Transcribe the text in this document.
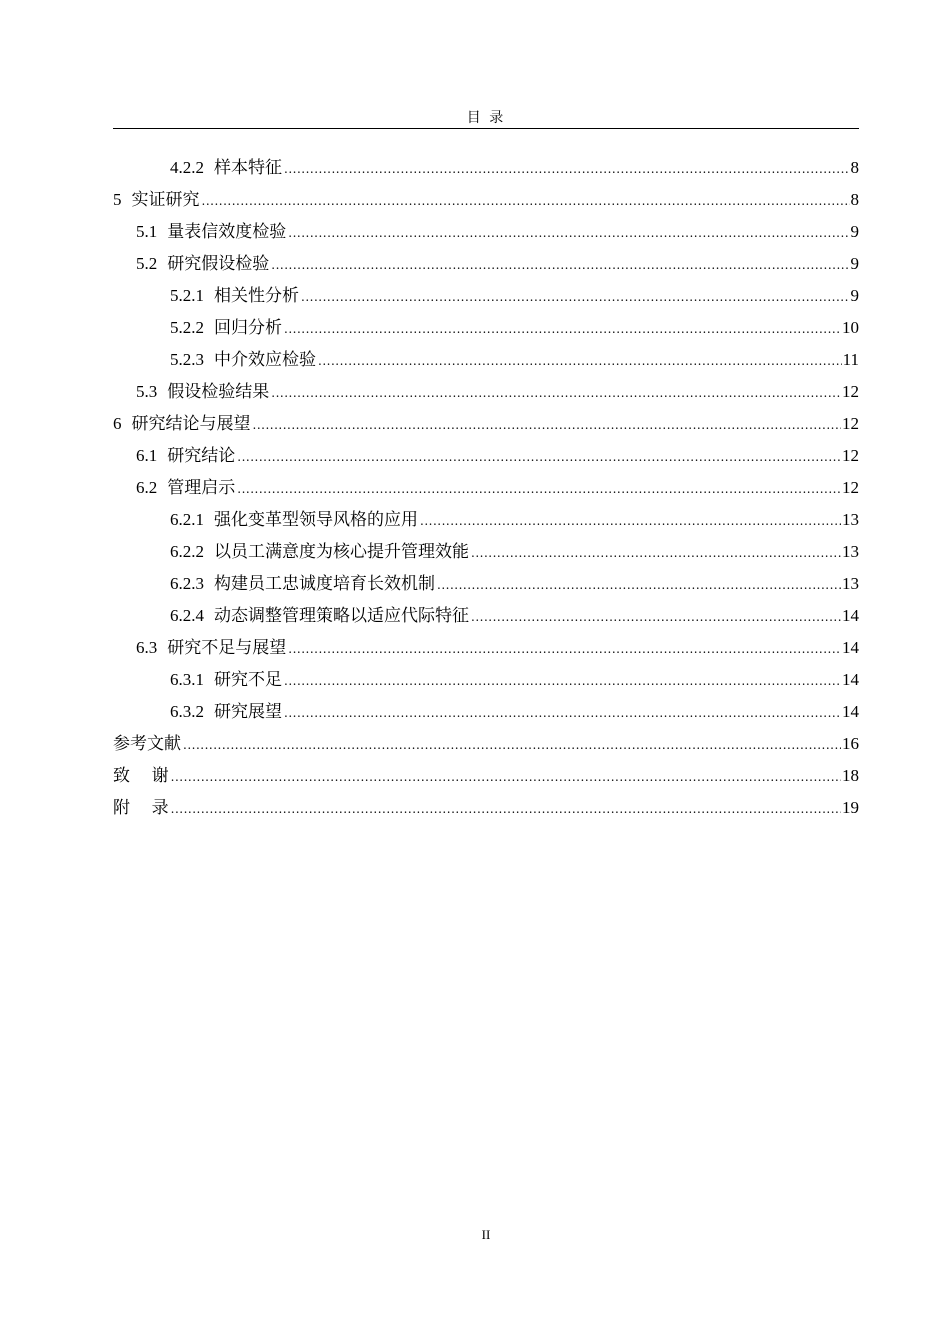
目 录
4.2.2 样本特征 .....	8
5 实证研究 .....	8
5.1 量表信效度检验 .....	9
5.2 研究假设检验 .....	9
5.2.1 相关性分析 .....	9
5.2.2 回归分析 .....	10
5.2.3 中介效应检验 .....	11
5.3 假设检验结果 .....	12
6 研究结论与展望 .....	12
6.1 研究结论 .....	12
6.2 管理启示 .....	12
6.2.1 强化变革型领导风格的应用 .....	13
6.2.2 以员工满意度为核心提升管理效能 .....	13
6.2.3 构建员工忠诚度培育长效机制 .....	13
6.2.4 动态调整管理策略以适应代际特征 .....	14
6.3 研究不足与展望 .....	14
6.3.1 研究不足 .....	14
6.3.2 研究展望 .....	14
参考文献 .....	16
致    谢 .....	18
附    录 .....	19
II
